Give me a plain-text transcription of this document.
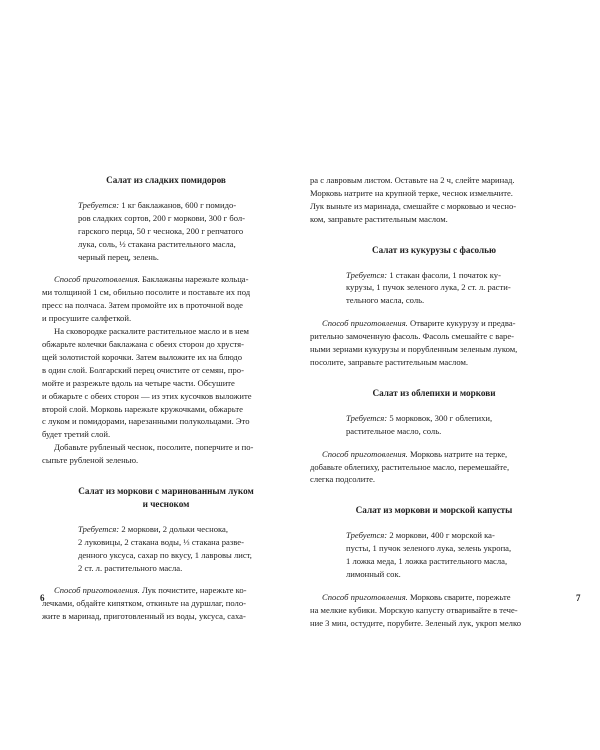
Салат из сладких помидоров
Требуется: 1 кг баклажанов, 600 г помидо-
ров сладких сортов, 200 г моркови, 300 г бол-
гарского перца, 50 г чеснока, 200 г репчатого
лука, соль, ½ стакана растительного масла,
черный перец, зелень.
Способ приготовления. Баклажаны нарежьте кольца-
ми толщиной 1 см, обильно посолите и поставьте их под
пресс на полчаса. Затем промойте их в проточной воде
и просушите салфеткой.
На сковородке раскалите растительное масло и в нем
обжарьте колечки баклажана с обеих сторон до хрустя-
щей золотистой корочки. Затем выложите их на блюдо
в один слой. Болгарский перец очистите от семян, про-
мойте и разрежьте вдоль на четыре части. Обсушите
и обжарьте с обеих сторон — из этих кусочков выложите
второй слой. Морковь нарежьте кружочками, обжарьте
с луком и помидорами, нарезанными полукольцами. Это
будет третий слой.
Добавьте рубленый чеснок, посолите, поперчите и по-
сыпьте рубленой зеленью.
Салат из моркови с маринованным луком
и чесноком
Требуется: 2 моркови, 2 дольки чеснока,
2 луковицы, 2 стакана воды, ⅓ стакана разве-
денного уксуса, сахар по вкусу, 1 лавровы лист,
2 ст. л. растительного масла.
Способ приготовления. Лук почистите, нарежьте ко-
лечками, обдайте кипятком, откиньте на дуршлаг, поло-
жите в маринад, приготовленный из воды, уксуса, саха-
6
ра с лавровым листом. Оставьте на 2 ч, слейте маринад.
Морковь натрите на крупной терке, чеснок измельчите.
Лук выньте из маринада, смешайте с морковью и чесно-
ком, заправьте растительным маслом.
Салат из кукурузы с фасолью
Требуется: 1 стакан фасоли, 1 початок ку-
курузы, 1 пучок зеленого лука, 2 ст. л. расти-
тельного масла, соль.
Способ приготовления. Отварите кукурузу и предва-
рительно замоченную фасоль. Фасоль смешайте с варе-
ными зернами кукурузы и порубленным зеленым луком,
посолите, заправьте растительным маслом.
Салат из облепихи и моркови
Требуется: 5 морковок, 300 г облепихи,
растительное масло, соль.
Способ приготовления. Морковь натрите на терке,
добавьте облепиху, растительное масло, перемешайте,
слегка подсолите.
Салат из моркови и морской капусты
Требуется: 2 моркови, 400 г морской ка-
пусты, 1 пучок зеленого лука, зелень укропа,
1 ложка меда, 1 ложка растительного масла,
лимонный сок.
Способ приготовления. Морковь сварите, порежьте
на мелкие кубики. Морскую капусту отваривайте в тече-
ние 3 мин, остудите, порубите. Зеленый лук, укроп мелко
7
